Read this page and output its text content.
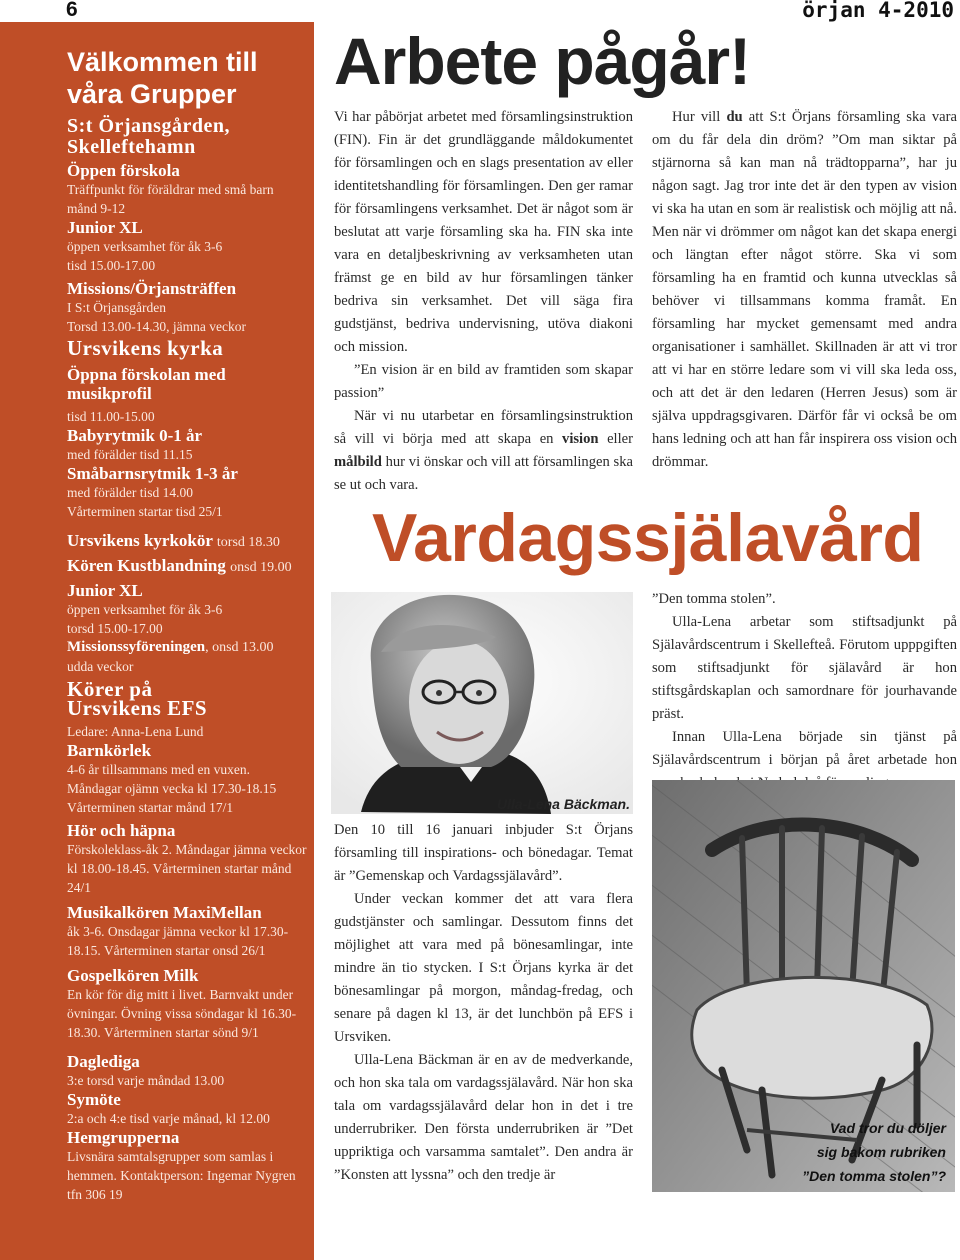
6	örjan 4-2010
Välkommen till våra Grupper
S:t Örjansgården, Skelleftehamn
Öppen förskola
Träffpunkt för föräldrar med små barn
månd 9-12
Junior XL
öppen verksamhet för åk 3-6
tisd 15.00-17.00
Missions/Örjansträffen
I S:t Örjansgården
Torsd 13.00-14.30, jämna veckor
Ursvikens kyrka
Öppna förskolan med musikprofil
tisd 11.00-15.00
Babyrytmik 0-1 år
med förälder tisd 11.15
Småbarnsrytmik 1-3 år
med förälder tisd 14.00
Vårterminen startar tisd 25/1
Ursvikens kyrkokör torsd 18.30
Kören Kustblandning onsd 19.00
Junior XL
öppen verksamhet för åk 3-6
torsd 15.00-17.00
Missionssyföreningen, onsd 13.00
udda veckor
Körer på Ursvikens EFS
Ledare: Anna-Lena Lund
Barnkörlek
4-6 år tillsammans med en vuxen.
Måndagar ojämn vecka kl 17.30-18.15
Vårterminen startar månd 17/1
Hör och häpna
Förskoleklass-åk 2. Måndagar jämna veckor kl 18.00-18.45. Vårterminen startar månd 24/1
Musikalkören MaxiMellan
åk 3-6. Onsdagar jämna veckor kl 17.30-18.15. Vårterminen startar onsd 26/1
Gospelkören Milk
En kör för dig mitt i livet. Barnvakt under övningar. Övning vissa söndagar kl 16.30-18.30. Vårterminen startar sönd 9/1
Daglediga
3:e torsd varje måndad 13.00
Symöte
2:a och 4:e tisd varje månad, kl 12.00
Hemgrupperna
Livsnära samtalsgrupper som samlas i hemmen. Kontaktperson: Ingemar Nygren tfn 306 19
Arbete pågår!

Vi har påbörjat arbetet med församlingsinstruktion (FIN). Fin är det grundläggande måldokumentet för församlingen och en slags presentation av eller identitetshandling för församlingen. Den ger ramar för församlingens verksamhet. Det är något som är beslutat att varje församling ska ha. FIN ska inte vara en detaljbeskrivning av verksamheten utan främst ge en bild av hur församlingen tänker bedriva sin verksamhet. Det vill säga fira gudstjänst, bedriva undervisning, utöva diakoni och mission.

”En vision är en bild av framtiden som skapar passion”

När vi nu utarbetar en församlingsinstruktion så vill vi börja med att skapa en vision eller målbild hur vi önskar och vill att församlingen ska se ut och vara.

Hur vill du att S:t Örjans församling ska vara om du får dela din dröm? ”Om man siktar på stjärnorna så kan man nå trädtopparna”, har ju någon sagt. Jag tror inte det är den typen av vision vi ska ha utan en som är realistisk och möjlig att nå. Men när vi drömmer om något kan det skapa energi och längtan efter något större. Ska vi som församling ha en framtid och kunna utvecklas så behöver vi tillsammans komma framåt. En församling har mycket gemensamt med andra organisationer i samhället. Skillnaden är att vi tror att vi har en större ledare som vi vill ska leda oss, och att det är den ledaren (Herren Jesus) som är själva uppdragsgivaren. Därför får vi också be om hans ledning och att han får inspirera oss vision och drömmar.

Vardagssjälavård
Ulla-Lena Bäckman.

Den 10 till 16 januari inbjuder S:t Örjans församling till inspirations- och bönedagar. Temat är ”Gemenskap och Vardagssjälavård”.

Under veckan kommer det att vara flera gudstjänster och samlingar. Dessutom finns det möjlighet att vara med på bönesamlingar, inte mindre än tio stycken. I S:t Örjans kyrka är det bönesamlingar på morgon, måndag-fredag, och senare på dagen kl 13, är det lunchbön på EFS i Ursviken.

Ulla-Lena Bäckman är en av de medverkande, och hon ska tala om vardagssjälavård. När hon ska tala om vardagssjälavård delar hon in det i tre underrubriker. Den första underrubriken är ”Det uppriktiga och varsamma samtalet”. Den andra är ”Konsten att lyssna” och den tredje är

”Den tomma stolen”.

Ulla-Lena arbetar som stiftsadjunkt på Själavårdscentrum i Skellefteå. Förutom upppgiften som stiftsadjunkt för själavård är hon stiftsgårdskaplan och samordnare för jourhavande präst.

Innan Ulla-Lena började sin tjänst på Själavårdscentrum i början på året arbetade hon

Vad tror du döljer
sig bakom rubriken
”Den tomma stolen”?
